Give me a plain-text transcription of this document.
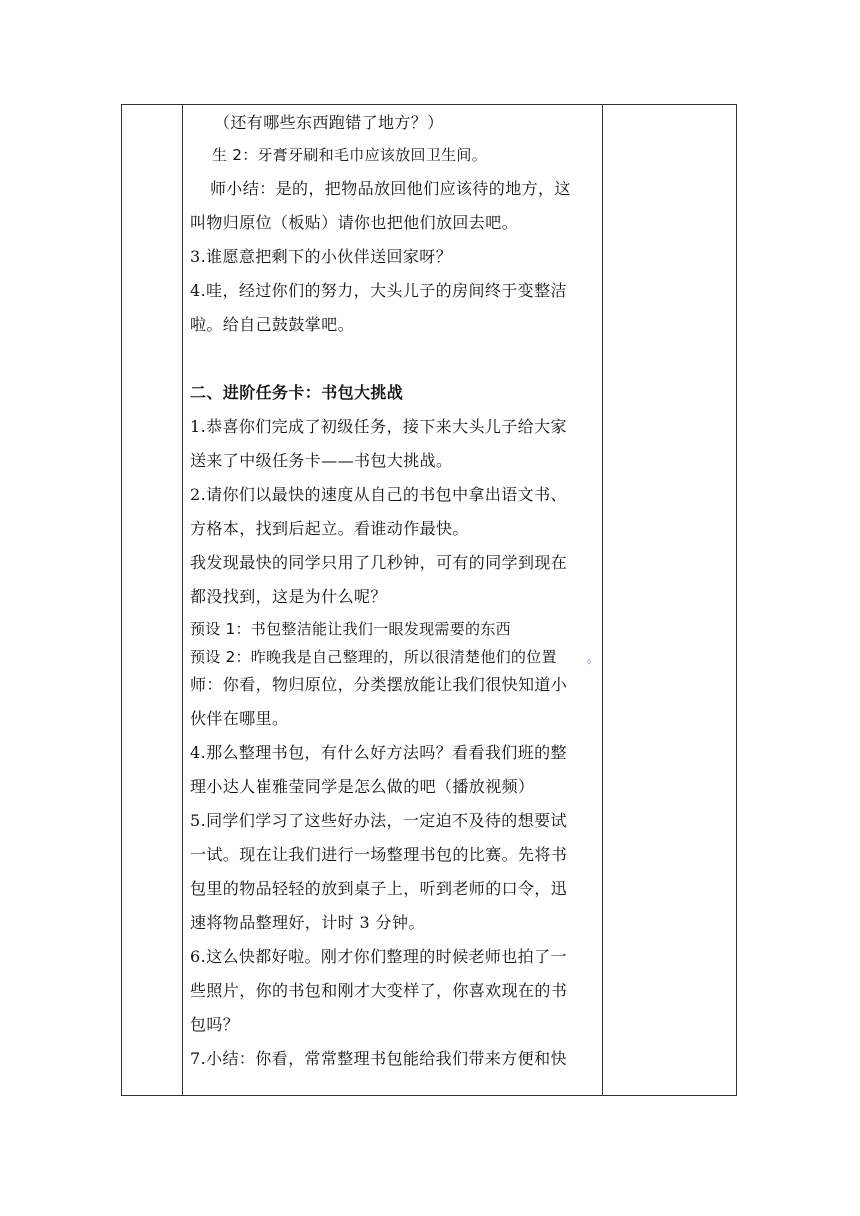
（还有哪些东西跑错了地方？）
生 2：牙膏牙刷和毛巾应该放回卫生间。
师小结：是的，把物品放回他们应该待的地方，这
叫物归原位（板贴）请你也把他们放回去吧。
3.谁愿意把剩下的小伙伴送回家呀？
4.哇，经过你们的努力，大头儿子的房间终于变整洁
啦。给自己鼓鼓掌吧。
二、进阶任务卡：书包大挑战
1.恭喜你们完成了初级任务，接下来大头儿子给大家
送来了中级任务卡——书包大挑战。
2.请你们以最快的速度从自己的书包中拿出语文书、
方格本，找到后起立。看谁动作最快。
我发现最快的同学只用了几秒钟，可有的同学到现在
都没找到，这是为什么呢？
预设 1：书包整洁能让我们一眼发现需要的东西
预设 2：昨晚我是自己整理的，所以很清楚他们的位置	。
师：你看，物归原位，分类摆放能让我们很快知道小
伙伴在哪里。
4.那么整理书包，有什么好方法吗？看看我们班的整
理小达人崔雅莹同学是怎么做的吧（播放视频）
5.同学们学习了这些好办法，一定迫不及待的想要试
一试。现在让我们进行一场整理书包的比赛。先将书
包里的物品轻轻的放到桌子上，听到老师的口令，迅
速将物品整理好，计时 3 分钟。
6.这么快都好啦。刚才你们整理的时候老师也拍了一
些照片，你的书包和刚才大变样了，你喜欢现在的书
包吗？
7.小结：你看，常常整理书包能给我们带来方便和快
